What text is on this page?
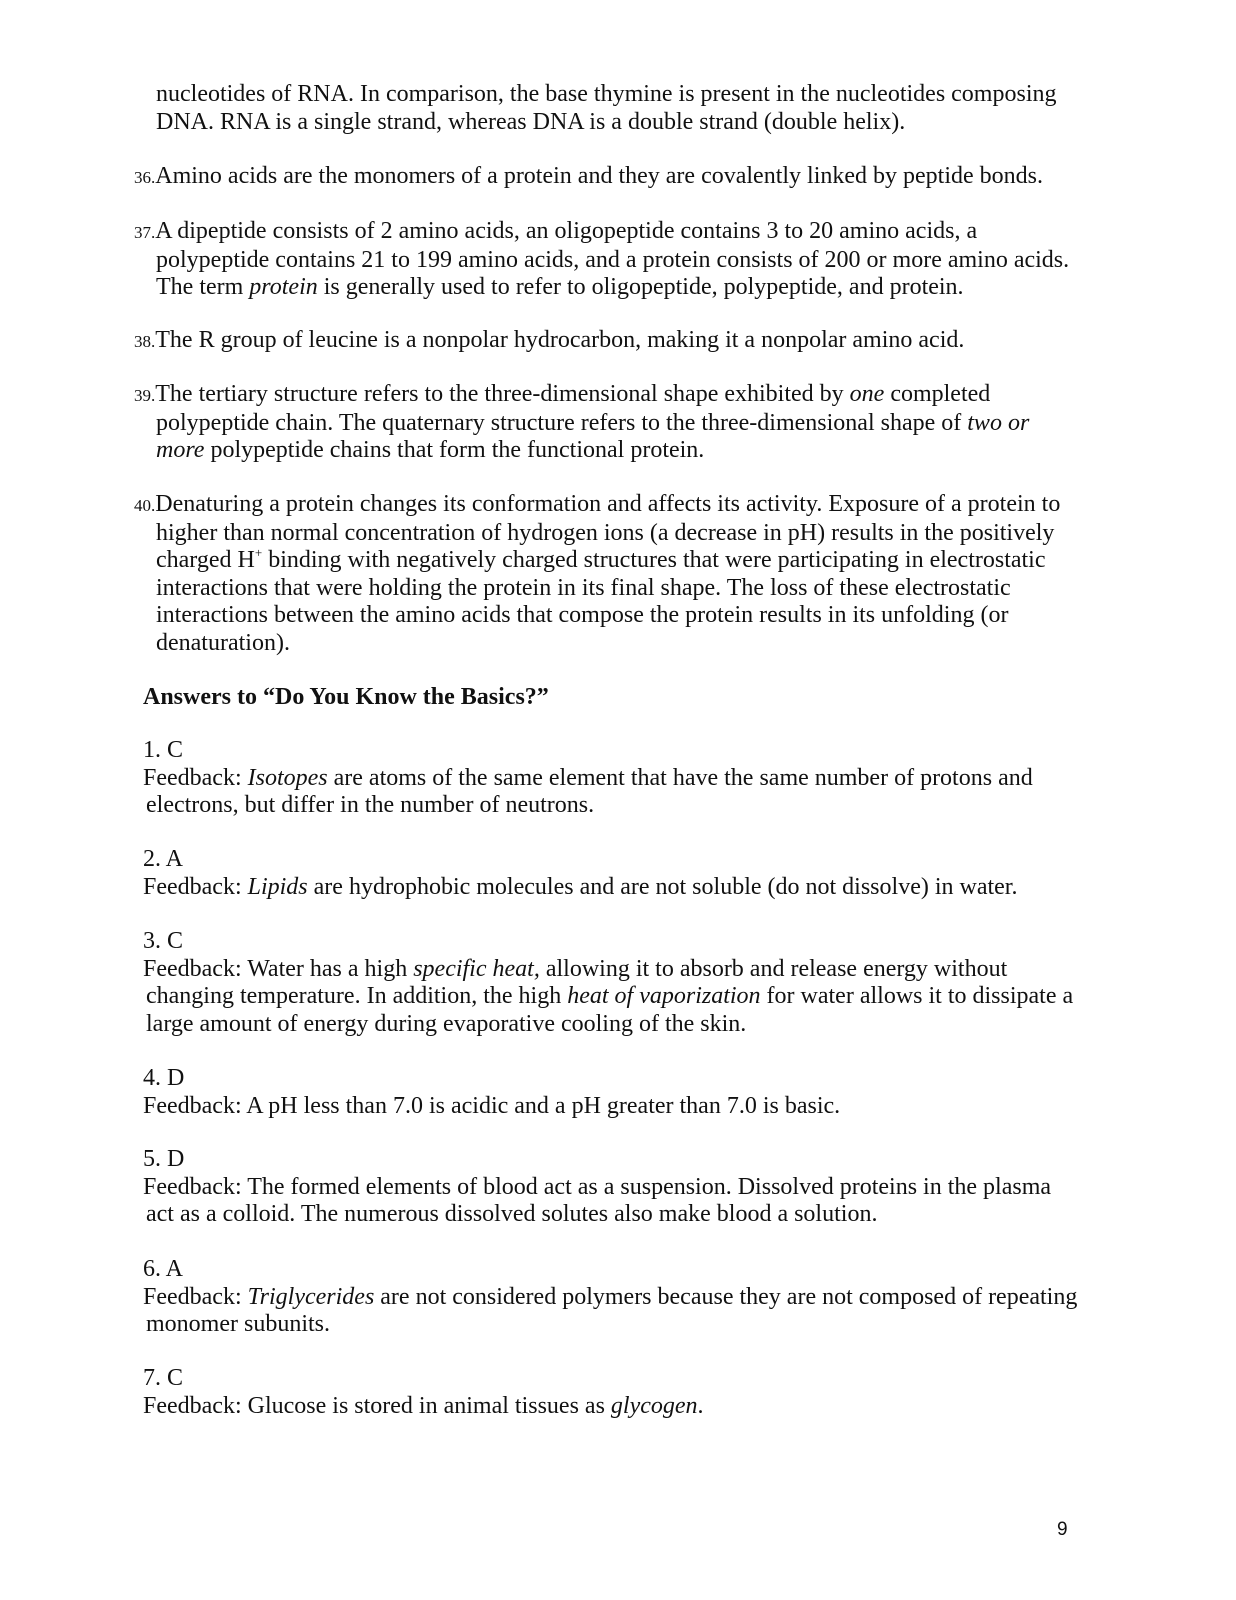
nucleotides of RNA. In comparison, the base thymine is present in the nucleotides composing
DNA. RNA is a single strand, whereas DNA is a double strand (double helix).
36.Amino acids are the monomers of a protein and they are covalently linked by peptide bonds.
37.A dipeptide consists of 2 amino acids, an oligopeptide contains 3 to 20 amino acids, a
polypeptide contains 21 to 199 amino acids, and a protein consists of 200 or more amino acids.
The term protein is generally used to refer to oligopeptide, polypeptide, and protein.
38.The R group of leucine is a nonpolar hydrocarbon, making it a nonpolar amino acid.
39.The tertiary structure refers to the three-dimensional shape exhibited by one completed
polypeptide chain. The quaternary structure refers to the three-dimensional shape of two or
more polypeptide chains that form the functional protein.
40.Denaturing a protein changes its conformation and affects its activity. Exposure of a protein to
higher than normal concentration of hydrogen ions (a decrease in pH) results in the positively
charged H+ binding with negatively charged structures that were participating in electrostatic
interactions that were holding the protein in its final shape. The loss of these electrostatic
interactions between the amino acids that compose the protein results in its unfolding (or
denaturation).
Answers to “Do You Know the Basics?”
1. C
Feedback: Isotopes are atoms of the same element that have the same number of protons and
electrons, but differ in the number of neutrons.
2. A
Feedback: Lipids are hydrophobic molecules and are not soluble (do not dissolve) in water.
3. C
Feedback: Water has a high specific heat, allowing it to absorb and release energy without
changing temperature. In addition, the high heat of vaporization for water allows it to dissipate a
large amount of energy during evaporative cooling of the skin.
4. D
Feedback: A pH less than 7.0 is acidic and a pH greater than 7.0 is basic.
5. D
Feedback: The formed elements of blood act as a suspension. Dissolved proteins in the plasma
act as a colloid. The numerous dissolved solutes also make blood a solution.
6. A
Feedback: Triglycerides are not considered polymers because they are not composed of repeating
monomer subunits.
7. C
Feedback: Glucose is stored in animal tissues as glycogen.
9
